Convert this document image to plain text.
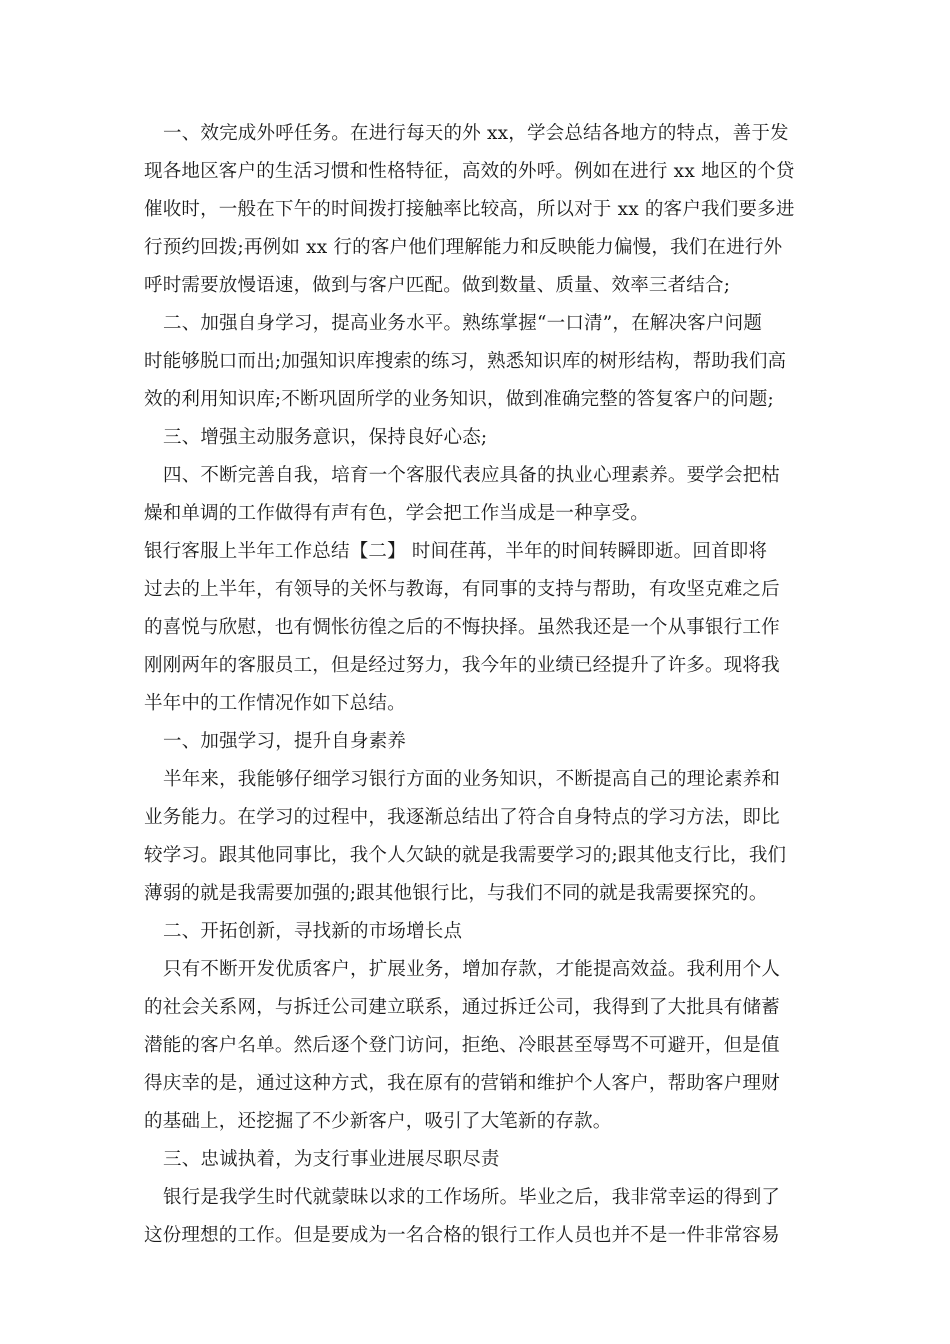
一、效完成外呼任务。在进行每天的外 xx，学会总结各地方的特点，善于发
现各地区客户的生活习惯和性格特征，高效的外呼。例如在进行 xx 地区的个贷
催收时，一般在下午的时间拨打接触率比较高，所以对于 xx 的客户我们要多进
行预约回拨;再例如 xx 行的客户他们理解能力和反映能力偏慢，我们在进行外
呼时需要放慢语速，做到与客户匹配。做到数量、质量、效率三者结合;
二、加强自身学习，提高业务水平。熟练掌握“一口清”，在解决客户问题
时能够脱口而出;加强知识库搜索的练习，熟悉知识库的树形结构，帮助我们高
效的利用知识库;不断巩固所学的业务知识，做到准确完整的答复客户的问题;
三、增强主动服务意识，保持良好心态;
四、不断完善自我，培育一个客服代表应具备的执业心理素养。要学会把枯
燥和单调的工作做得有声有色，学会把工作当成是一种享受。
银行客服上半年工作总结【二】 时间荏苒，半年的时间转瞬即逝。回首即将
过去的上半年，有领导的关怀与教诲，有同事的支持与帮助，有攻坚克难之后
的喜悦与欣慰，也有惆怅彷徨之后的不悔抉择。虽然我还是一个从事银行工作
刚刚两年的客服员工，但是经过努力，我今年的业绩已经提升了许多。现将我
半年中的工作情况作如下总结。
一、加强学习，提升自身素养
半年来，我能够仔细学习银行方面的业务知识，不断提高自己的理论素养和
业务能力。在学习的过程中，我逐渐总结出了符合自身特点的学习方法，即比
较学习。跟其他同事比，我个人欠缺的就是我需要学习的;跟其他支行比，我们
薄弱的就是我需要加强的;跟其他银行比，与我们不同的就是我需要探究的。
二、开拓创新，寻找新的市场增长点
只有不断开发优质客户，扩展业务，增加存款，才能提高效益。我利用个人
的社会关系网，与拆迁公司建立联系，通过拆迁公司，我得到了大批具有储蓄
潜能的客户名单。然后逐个登门访问，拒绝、冷眼甚至辱骂不可避开，但是值
得庆幸的是，通过这种方式，我在原有的营销和维护个人客户，帮助客户理财
的基础上，还挖掘了不少新客户，吸引了大笔新的存款。
三、忠诚执着，为支行事业进展尽职尽责
银行是我学生时代就蒙昧以求的工作场所。毕业之后，我非常幸运的得到了
这份理想的工作。但是要成为一名合格的银行工作人员也并不是一件非常容易
